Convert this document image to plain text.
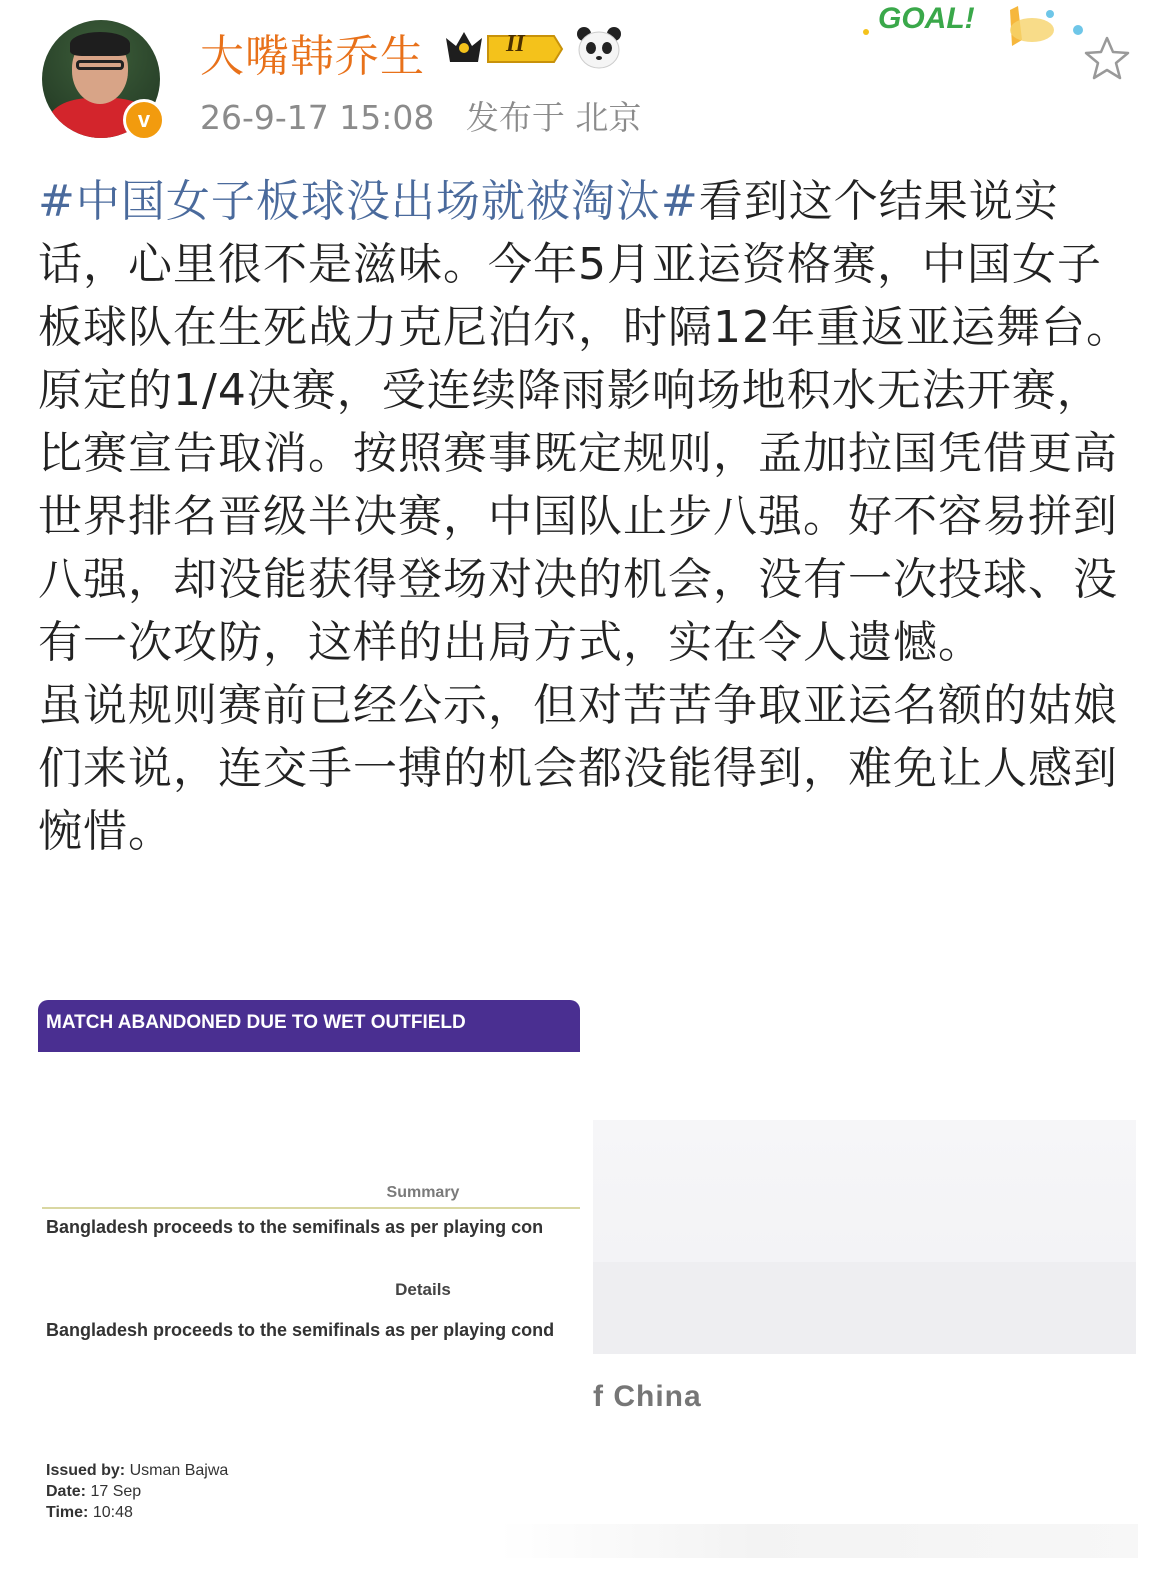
v
大嘴韩乔生	II
26-9-17 15:08 发布于 北京
GOAL!

#中国女子板球没出场就被淘汰#看到这个结果说实话，心里很不是滋味。今年5月亚运资格赛，中国女子板球队在生死战力克尼泊尔，时隔12年重返亚运舞台。

原定的1/4决赛，受连续降雨影响场地积水无法开赛，比赛宣告取消。按照赛事既定规则，孟加拉国凭借更高世界排名晋级半决赛，中国队止步八强。好不容易拼到八强，却没能获得登场对决的机会，没有一次投球、没有一次攻防，这样的出局方式，实在令人遗憾。

虽说规则赛前已经公示，但对苦苦争取亚运名额的姑娘们来说，连交手一搏的机会都没能得到，难免让人感到惋惜。

MATCH ABANDONED DUE TO WET OUTFIELD
Summary
Bangladesh proceeds to the semifinals as per playing con
Details
Bangladesh proceeds to the semifinals as per playing cond
f China
Issued by: Usman Bajwa
Date: 17 Sep
Time: 10:48
